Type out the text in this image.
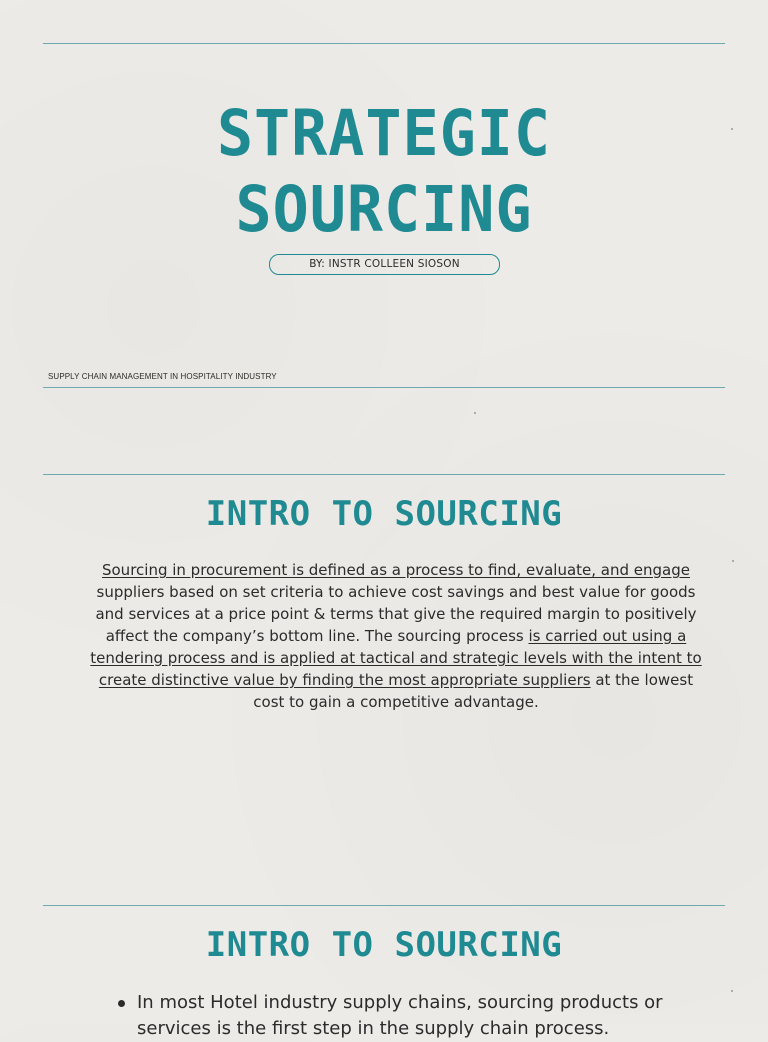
STRATEGIC
SOURCING
BY: INSTR COLLEEN SIOSON
SUPPLY CHAIN MANAGEMENT IN HOSPITALITY INDUSTRY
INTRO TO SOURCING
Sourcing in procurement is defined as a process to find, evaluate, and engage suppliers based on set criteria to achieve cost savings and best value for goods and services at a price point & terms that give the required margin to positively affect the company’s bottom line. The sourcing process is carried out using a tendering process and is applied at tactical and strategic levels with the intent to create distinctive value by finding the most appropriate suppliers at the lowest cost to gain a competitive advantage.
INTRO TO SOURCING
In most Hotel industry supply chains, sourcing products or services is the first step in the supply chain process.
